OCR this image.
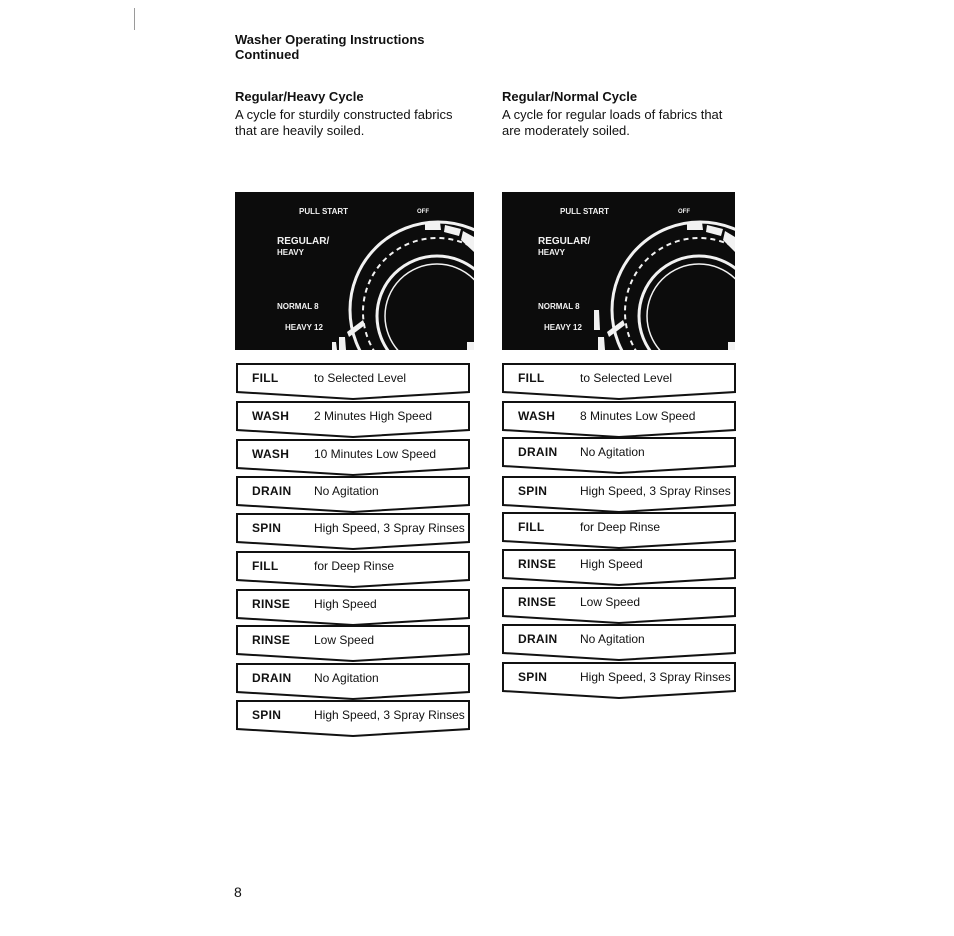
Washer Operating Instructions
Continued
Regular/Heavy Cycle
A cycle for sturdily constructed fabrics that are heavily soiled.
Regular/Normal Cycle
A cycle for regular loads of fabrics that are moderately soiled.
PULL START	OFF
REGULAR/
HEAVY
NORMAL 8
HEAVY 12
PULL START	OFF
REGULAR/
HEAVY
NORMAL 8
HEAVY 12
FILL	to Selected Level
WASH 2 Minutes High Speed
WASH 10 Minutes Low Speed
DRAIN No Agitation
SPIN	High Speed, 3 Spray Rinses
FILL	for Deep Rinse
RINSE High Speed
RINSE Low Speed
DRAIN No Agitation
SPIN	High Speed, 3 Spray Rinses
FILL	to Selected Level
WASH 8 Minutes Low Speed
DRAIN No Agitation
SPIN	High Speed, 3 Spray Rinses
FILL	for Deep Rinse
RINSE High Speed
RINSE Low Speed
DRAIN No Agitation
SPIN	High Speed, 3 Spray Rinses
8
